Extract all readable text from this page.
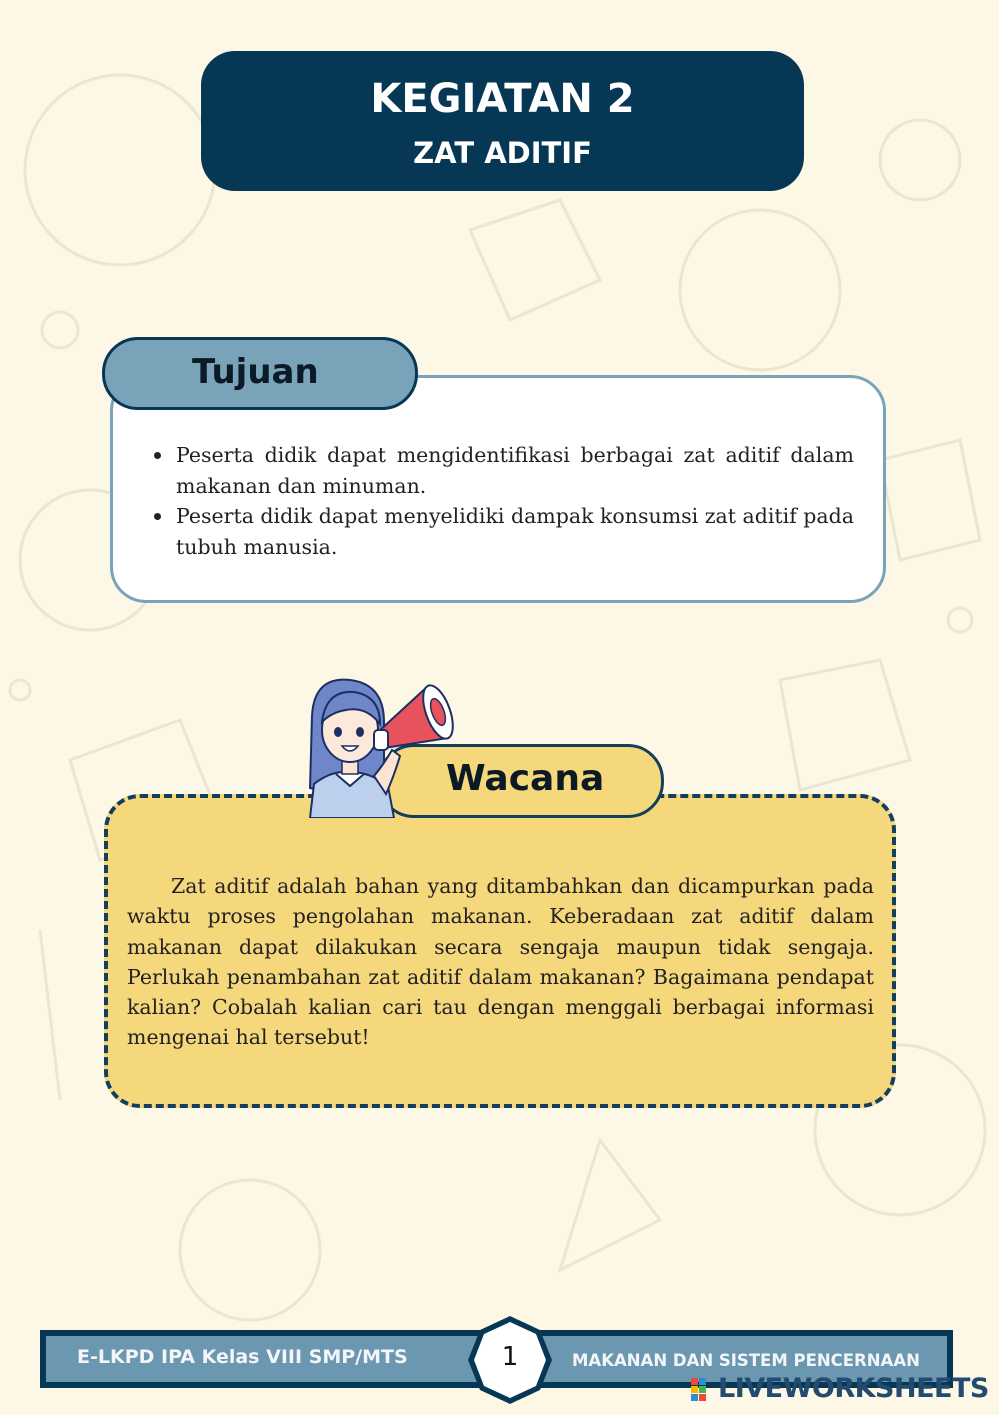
KEGIATAN 2
ZAT ADITIF
Tujuan
Peserta didik dapat mengidentifikasi berbagai zat aditif dalam makanan dan minuman.
Peserta didik dapat menyelidiki dampak konsumsi zat aditif pada tubuh manusia.
Wacana

Zat aditif adalah bahan yang ditambahkan dan dicampurkan pada waktu proses pengolahan makanan. Keberadaan zat aditif dalam makanan dapat dilakukan secara sengaja maupun tidak sengaja. Perlukah penambahan zat aditif dalam makanan? Bagaimana pendapat kalian? Cobalah kalian cari tau dengan menggali berbagai informasi mengenai hal tersebut!

E-LKPD IPA Kelas VIII SMP/MTS	MAKANAN DAN SISTEM PENCERNAAN
1
LIVEWORKSHEETS
